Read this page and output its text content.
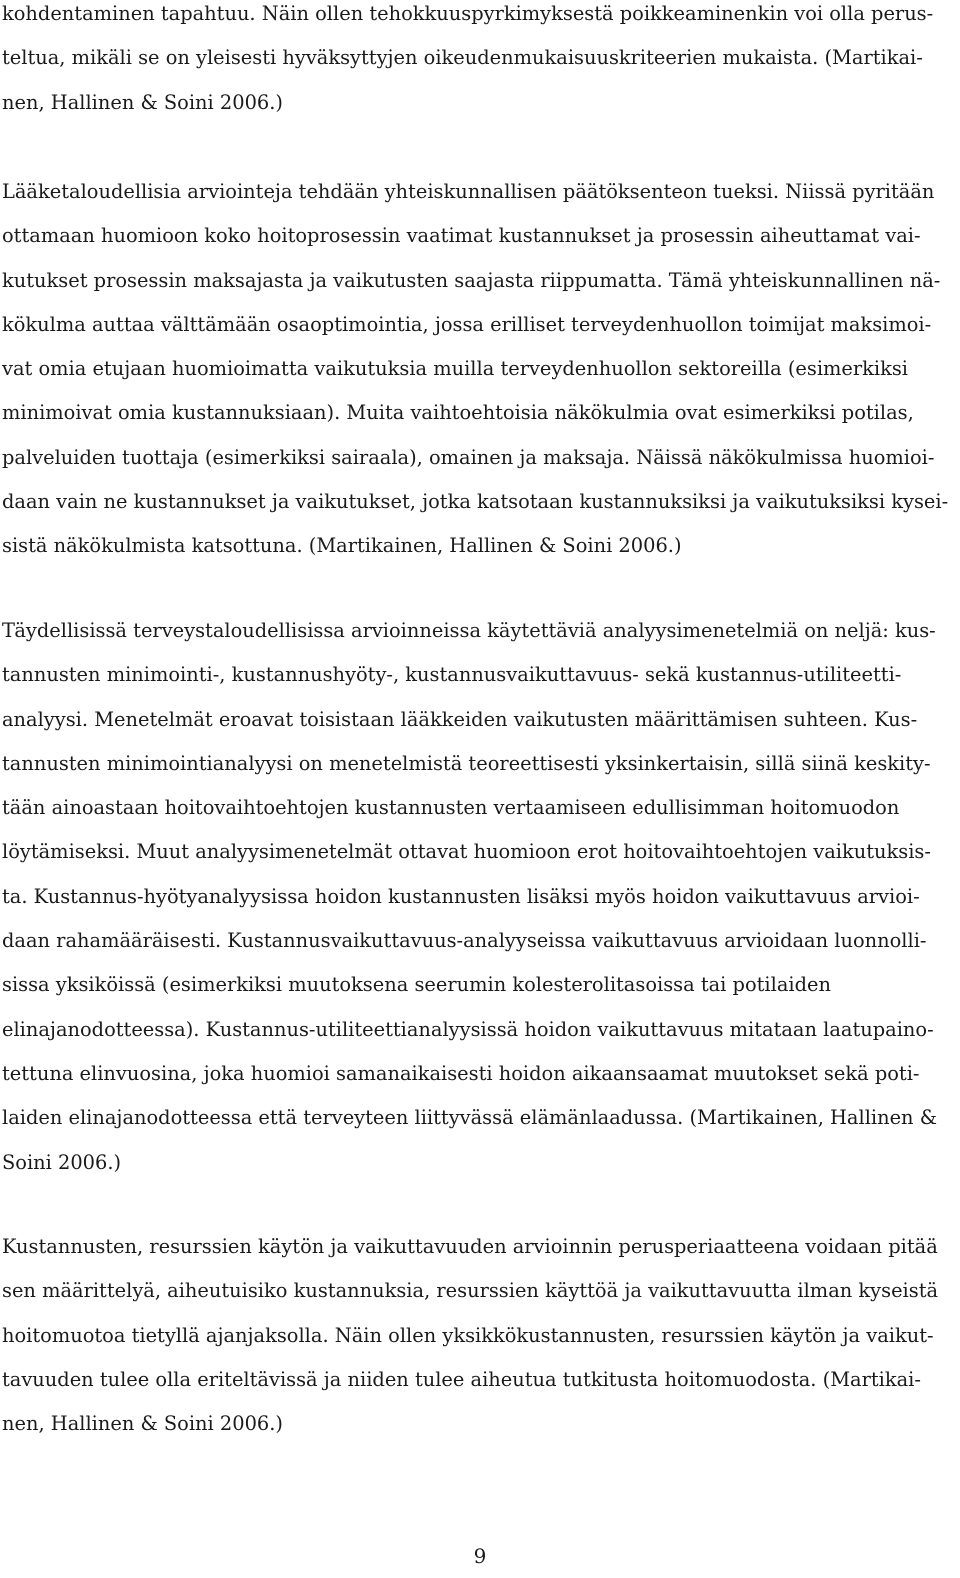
kohdentaminen tapahtuu. Näin ollen tehokkuuspyrkimyksestä poikkeaminenkin voi olla perus-
teltua, mikäli se on yleisesti hyväksyttyjen oikeudenmukaisuuskriteerien mukaista. (Martikai-
nen, Hallinen & Soini 2006.)
Lääketaloudellisia arviointeja tehdään yhteiskunnallisen päätöksenteon tueksi. Niissä pyritään
ottamaan huomioon koko hoitoprosessin vaatimat kustannukset ja prosessin aiheuttamat vai-
kutukset prosessin maksajasta ja vaikutusten saajasta riippumatta. Tämä yhteiskunnallinen nä-
kökulma auttaa välttämään osaoptimointia, jossa erilliset terveydenhuollon toimijat maksimoi-
vat omia etujaan huomioimatta vaikutuksia muilla terveydenhuollon sektoreilla (esimerkiksi
minimoivat omia kustannuksiaan). Muita vaihtoehtoisia näkökulmia ovat esimerkiksi potilas,
palveluiden tuottaja (esimerkiksi sairaala), omainen ja maksaja. Näissä näkökulmissa huomioi-
daan vain ne kustannukset ja vaikutukset, jotka katsotaan kustannuksiksi ja vaikutuksiksi kysei-
sistä näkökulmista katsottuna. (Martikainen, Hallinen & Soini 2006.)
Täydellisissä terveystaloudellisissa arvioinneissa käytettäviä analyysimenetelmiä on neljä: kus-
tannusten minimointi-, kustannushyöty-, kustannusvaikuttavuus- sekä kustannus-utiliteetti-
analyysi. Menetelmät eroavat toisistaan lääkkeiden vaikutusten määrittämisen suhteen. Kus-
tannusten minimointianalyysi on menetelmistä teoreettisesti yksinkertaisin, sillä siinä keskity-
tään ainoastaan hoitovaihtoehtojen kustannusten vertaamiseen edullisimman hoitomuodon
löytämiseksi. Muut analyysimenetelmät ottavat huomioon erot hoitovaihtoehtojen vaikutuksis-
ta. Kustannus-hyötyanalyysissa hoidon kustannusten lisäksi myös hoidon vaikuttavuus arvioi-
daan rahamääräisesti. Kustannusvaikuttavuus-analyyseissa vaikuttavuus arvioidaan luonnolli-
sissa yksiköissä (esimerkiksi muutoksena seerumin kolesterolitasoissa tai potilaiden
elinajanodotteessa). Kustannus-utiliteettianalyysissä hoidon vaikuttavuus mitataan laatupaino-
tettuna elinvuosina, joka huomioi samanaikaisesti hoidon aikaansaamat muutokset sekä poti-
laiden elinajanodotteessa että terveyteen liittyvässä elämänlaadussa. (Martikainen, Hallinen &
Soini 2006.)
Kustannusten, resurssien käytön ja vaikuttavuuden arvioinnin perusperiaatteena voidaan pitää
sen määrittelyä, aiheutuisiko kustannuksia, resurssien käyttöä ja vaikuttavuutta ilman kyseistä
hoitomuotoa tietyllä ajanjaksolla. Näin ollen yksikkökustannusten, resurssien käytön ja vaikut-
tavuuden tulee olla eriteltävissä ja niiden tulee aiheutua tutkitusta hoitomuodosta. (Martikai-
nen, Hallinen & Soini 2006.)
9
